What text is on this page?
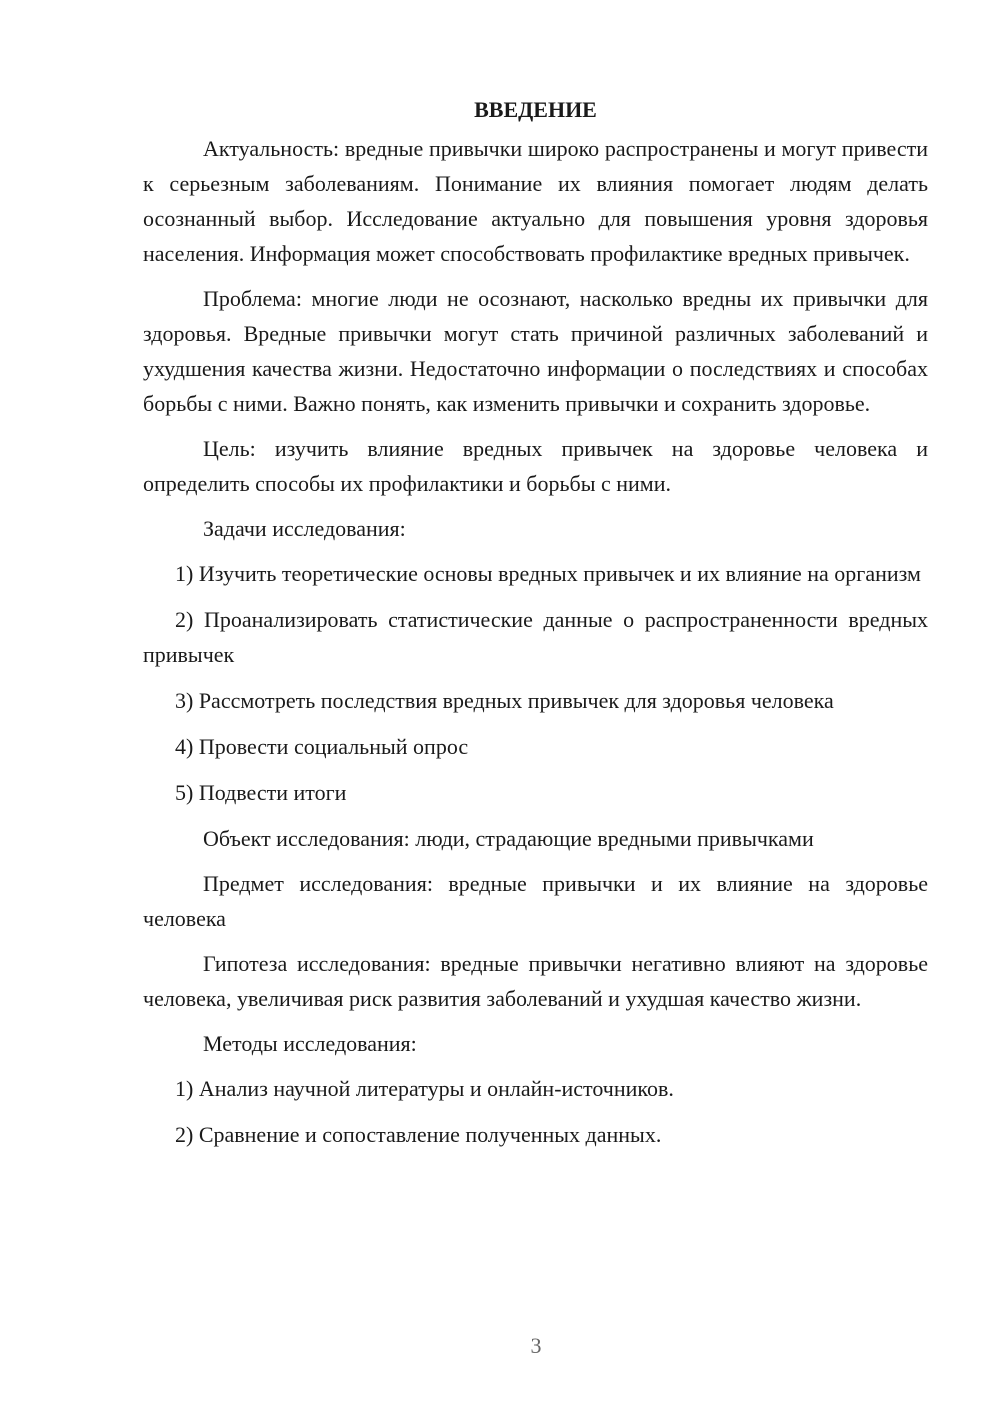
ВВЕДЕНИЕ

Актуальность: вредные привычки широко распространены и могут привести к серьезным заболеваниям. Понимание их влияния помогает людям делать осознанный выбор. Исследование актуально для повышения уровня здоровья населения. Информация может способствовать профилактике вредных привычек.

Проблема: многие люди не осознают, насколько вредны их привычки для здоровья. Вредные привычки могут стать причиной различных заболеваний и ухудшения качества жизни. Недостаточно информации о последствиях и способах борьбы с ними. Важно понять, как изменить привычки и сохранить здоровье.

Цель: изучить влияние вредных привычек на здоровье человека и определить способы их профилактики и борьбы с ними.

Задачи исследования:

1) Изучить теоретические основы вредных привычек и их влияние на организм

2) Проанализировать статистические данные о распространенности вредных привычек

3) Рассмотреть последствия вредных привычек для здоровья человека

4) Провести социальный опрос

5) Подвести итоги

Объект исследования: люди, страдающие вредными привычками

Предмет исследования: вредные привычки и их влияние на здоровье человека

Гипотеза исследования: вредные привычки негативно влияют на здоровье человека, увеличивая риск развития заболеваний и ухудшая качество жизни.

Методы исследования:

1) Анализ научной литературы и онлайн-источников.

2) Сравнение и сопоставление полученных данных.

3
